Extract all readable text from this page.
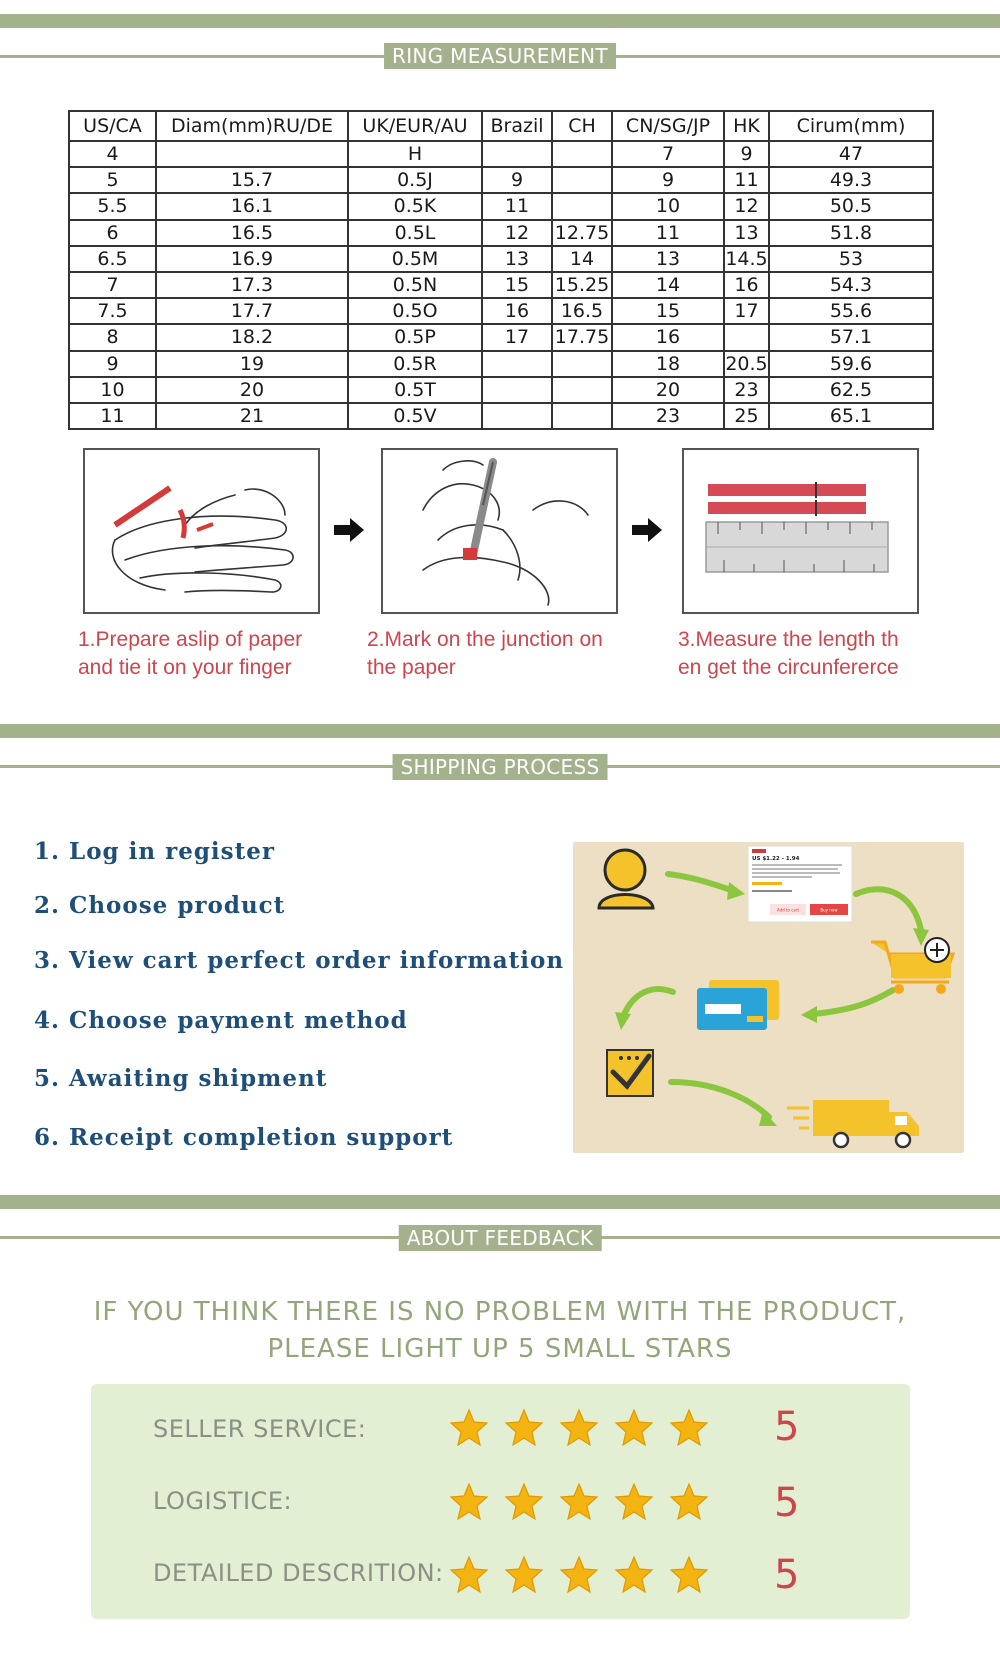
RING MEASUREMENT
US/CA	Diam(mm)RU/DE	UK/EUR/AU	Brazil	CH	CN/SG/JP	HK	Cirum(mm)
4		H			7	9	47
5	15.7	0.5J	9		9	11	49.3
5.5	16.1	0.5K	11		10	12	50.5
6	16.5	0.5L	12	12.75	11	13	51.8
6.5	16.9	0.5M	13	14	13	14.5	53
7	17.3	0.5N	15	15.25	14	16	54.3
7.5	17.7	0.5O	16	16.5	15	17	55.6
8	18.2	0.5P	17	17.75	16		57.1
9	19	0.5R			18	20.5	59.6
10	20	0.5T			20	23	62.5
11	21	0.5V			23	25	65.1
1.Prepare aslip of paper
and tie it on your finger
2.Mark on the junction on
the paper
3.Measure the length th
en get the circunfererce
SHIPPING PROCESS
1. Log in register
2. Choose product
3. View cart perfect order information
4. Choose payment method
5. Awaiting shipment
6. Receipt completion support
US $1.22 - 1.94
Add to cart	Buy now
ABOUT FEEDBACK
IF YOU THINK THERE IS NO PROBLEM WITH THE PRODUCT,
PLEASE LIGHT UP 5 SMALL STARS
SELLER SERVICE:	5
LOGISTICE:	5
DETAILED DESCRITION:	5
